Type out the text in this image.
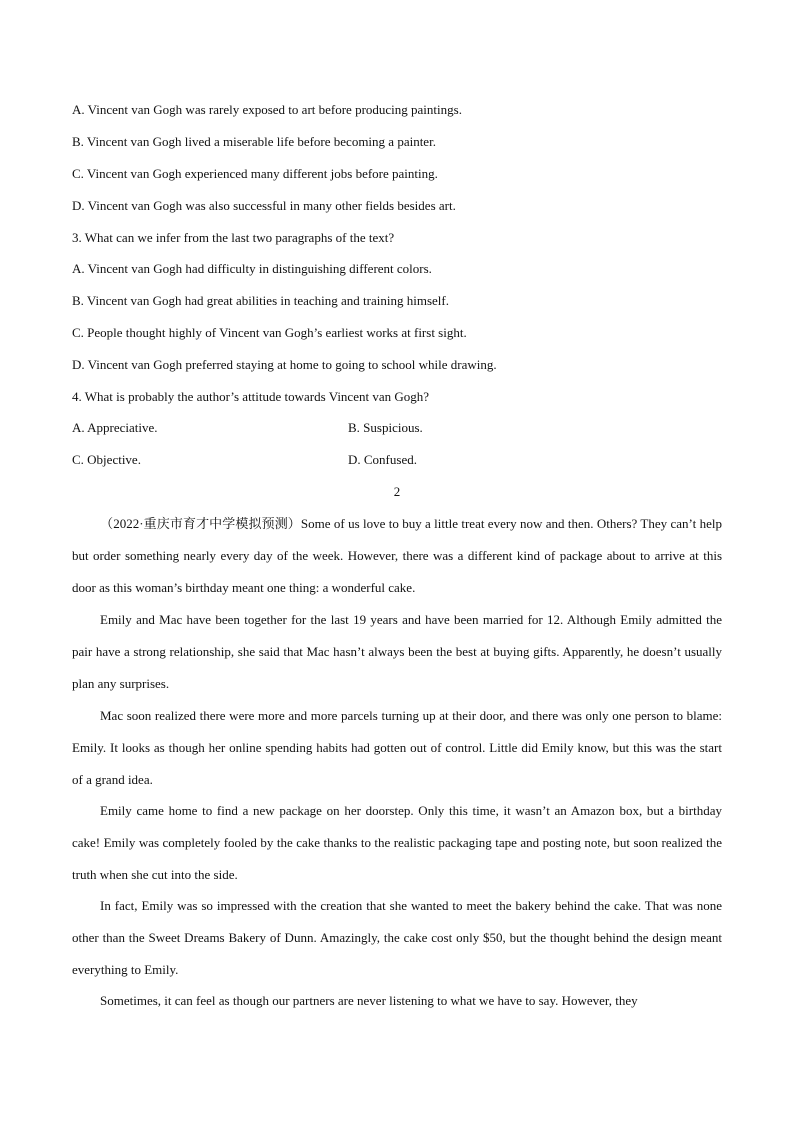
A. Vincent van Gogh was rarely exposed to art before producing paintings.
B. Vincent van Gogh lived a miserable life before becoming a painter.
C. Vincent van Gogh experienced many different jobs before painting.
D. Vincent van Gogh was also successful in many other fields besides art.
3. What can we infer from the last two paragraphs of the text?
A. Vincent van Gogh had difficulty in distinguishing different colors.
B. Vincent van Gogh had great abilities in teaching and training himself.
C. People thought highly of Vincent van Gogh’s earliest works at first sight.
D. Vincent van Gogh preferred staying at home to going to school while drawing.
4. What is probably the author’s attitude towards Vincent van Gogh?
A. Appreciative.	B. Suspicious.
C. Objective.	D. Confused.
2
（2022·重庆市育才中学模拟预测）Some of us love to buy a little treat every now and then. Others? They can’t help but order something nearly every day of the week. However, there was a different kind of package about to arrive at this door as this woman’s birthday meant one thing: a wonderful cake.
Emily and Mac have been together for the last 19 years and have been married for 12. Although Emily admitted the pair have a strong relationship, she said that Mac hasn’t always been the best at buying gifts. Apparently, he doesn’t usually plan any surprises.
Mac soon realized there were more and more parcels turning up at their door, and there was only one person to blame: Emily. It looks as though her online spending habits had gotten out of control. Little did Emily know, but this was the start of a grand idea.
Emily came home to find a new package on her doorstep. Only this time, it wasn’t an Amazon box, but a birthday cake! Emily was completely fooled by the cake thanks to the realistic packaging tape and posting note, but soon realized the truth when she cut into the side.
In fact, Emily was so impressed with the creation that she wanted to meet the bakery behind the cake. That was none other than the Sweet Dreams Bakery of Dunn. Amazingly, the cake cost only $50, but the thought behind the design meant everything to Emily.
Sometimes, it can feel as though our partners are never listening to what we have to say. However, they
